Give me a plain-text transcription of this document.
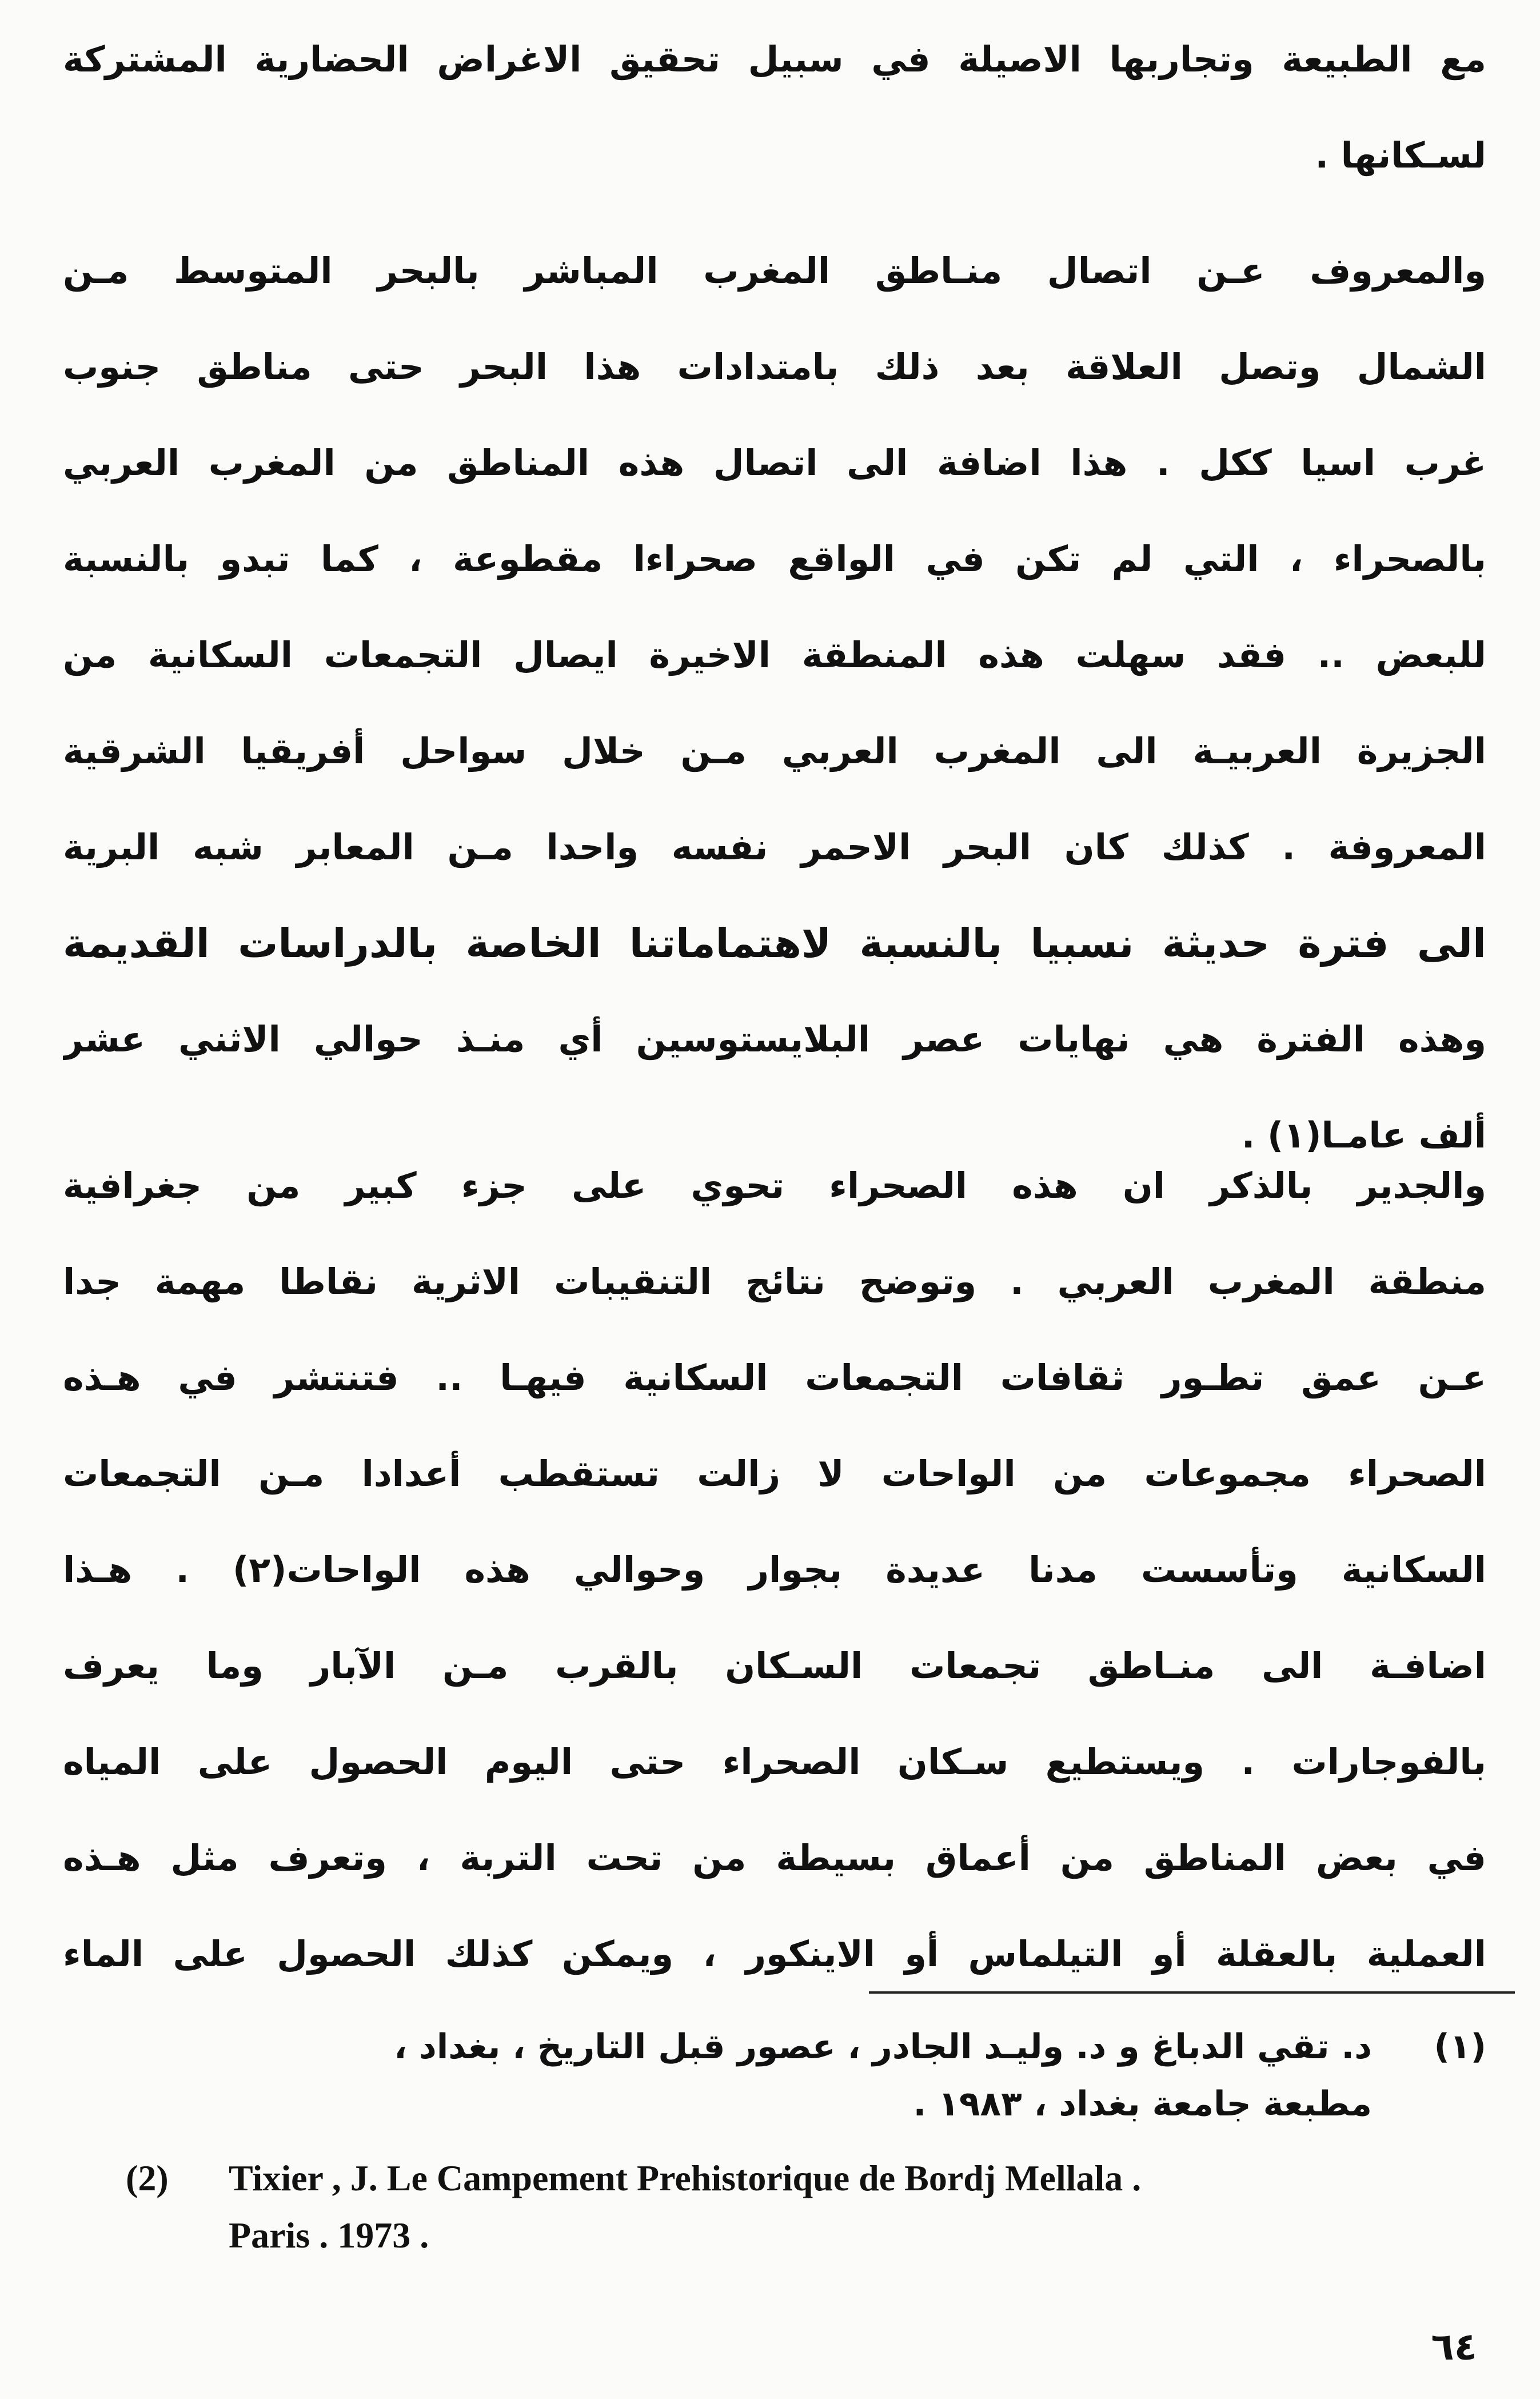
مع الطبيعة وتجاربها الاصيلة في سبيل تحقيق الاغراض الحضارية المشتركة
لسـكانها .
والمعروف عـن اتصال منـاطق المغرب المباشر بالبحر المتوسط مـن
الشمال وتصل العلاقة بعد ذلك بامتدادات هذا البحر حتى مناطق جنوب
غرب اسيا ككل . هذا اضافة الى اتصال هذه المناطق من المغرب العربي
بالصحراء ، التي لم تكن في الواقع صحراءا مقطوعة ، كما تبدو بالنسبة
للبعض .. فقد سهلت هذه المنطقة الاخيرة ايصال التجمعات السكانية من
الجزيرة العربيـة الى المغرب العربي مـن خلال سواحل أفريقيا الشرقية
المعروفة . كذلك كان البحر الاحمر نفسه واحدا مـن المعابر شبه البرية
الى فترة حديثة نسبيا بالنسبة لاهتماماتنا الخاصة بالدراسات القديمة
وهذه الفترة هي نهايات عصر البلايستوسين أي منـذ حوالي الاثني عشر
ألف عامـا(١) .
والجدير بالذكر ان هذه الصحراء تحوي على جزء كبير من جغرافية
منطقة المغرب العربي . وتوضح نتائج التنقيبات الاثرية نقاطا مهمة جدا
عـن عمق تطـور ثقافات التجمعات السكانية فيهـا .. فتنتشر في هـذه
الصحراء مجموعات من الواحات لا زالت تستقطب أعدادا مـن التجمعات
السكانية وتأسست مدنا عديدة بجوار وحوالي هذه الواحات(٢) . هـذا
اضافـة الى منـاطق تجمعات السـكان بالقرب مـن الآبار وما يعرف
بالفوجارات . ويستطيع سـكان الصحراء حتى اليوم الحصول على المياه
في بعض المناطق من أعماق بسيطة من تحت التربة ، وتعرف مثل هـذه
العملية بالعقلة أو التيلماس أو الاينكور ، ويمكن كذلك الحصول على الماء
(١)
د. تقي الدباغ و د. وليـد الجادر ، عصور قبل التاريخ ، بغداد ،
مطبعة جامعة بغداد ، ١٩٨٣ .
(2) Tixier , J. Le Campement Prehistorique de Bordj Mellala .
Paris . 1973 .
٦٤
